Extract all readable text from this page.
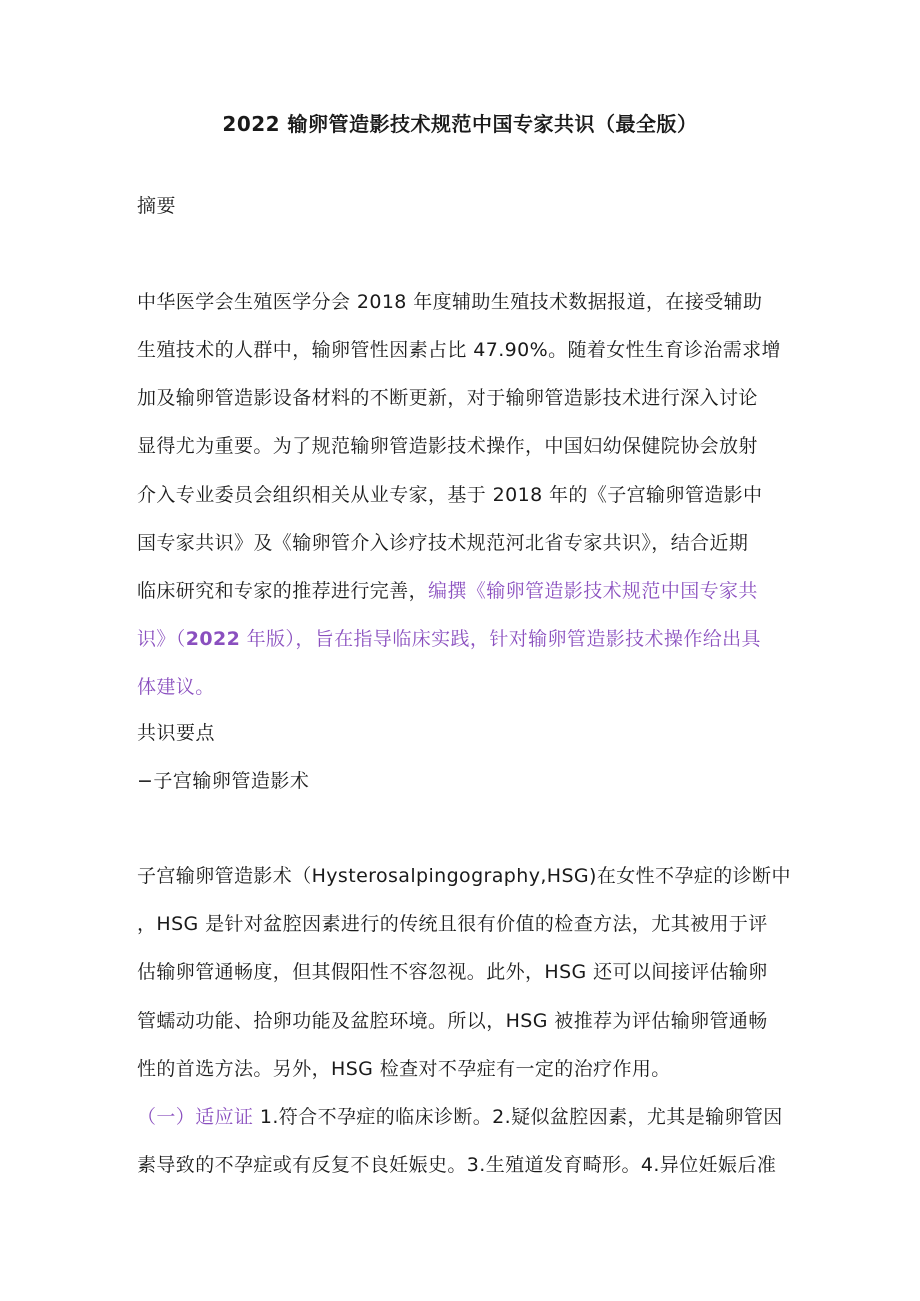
2022 输卵管造影技术规范中国专家共识（最全版）
摘要
中华医学会生殖医学分会 2018 年度辅助生殖技术数据报道，在接受辅助
生殖技术的人群中，输卵管性因素占比 47.90%。随着女性生育诊治需求增
加及输卵管造影设备材料的不断更新，对于输卵管造影技术进行深入讨论
显得尤为重要。为了规范输卵管造影技术操作，中国妇幼保健院协会放射
介入专业委员会组织相关从业专家，基于 2018 年的《子宫输卵管造影中
国专家共识》及《输卵管介入诊疗技术规范河北省专家共识》，结合近期
临床研究和专家的推荐进行完善，编撰《输卵管造影技术规范中国专家共
识》（2022 年版），旨在指导临床实践，针对输卵管造影技术操作给出具
体建议。
共识要点
−子宫输卵管造影术
子宫输卵管造影术（Hysterosalpingography,HSG)在女性不孕症的诊断中
，HSG 是针对盆腔因素进行的传统且很有价值的检查方法，尤其被用于评
估输卵管通畅度，但其假阳性不容忽视。此外，HSG 还可以间接评估输卵
管蠕动功能、拾卵功能及盆腔环境。所以，HSG 被推荐为评估输卵管通畅
性的首选方法。另外，HSG 检查对不孕症有一定的治疗作用。
（一）适应证 1.符合不孕症的临床诊断。2.疑似盆腔因素，尤其是输卵管因
素导致的不孕症或有反复不良妊娠史。3.生殖道发育畸形。4.异位妊娠后准
